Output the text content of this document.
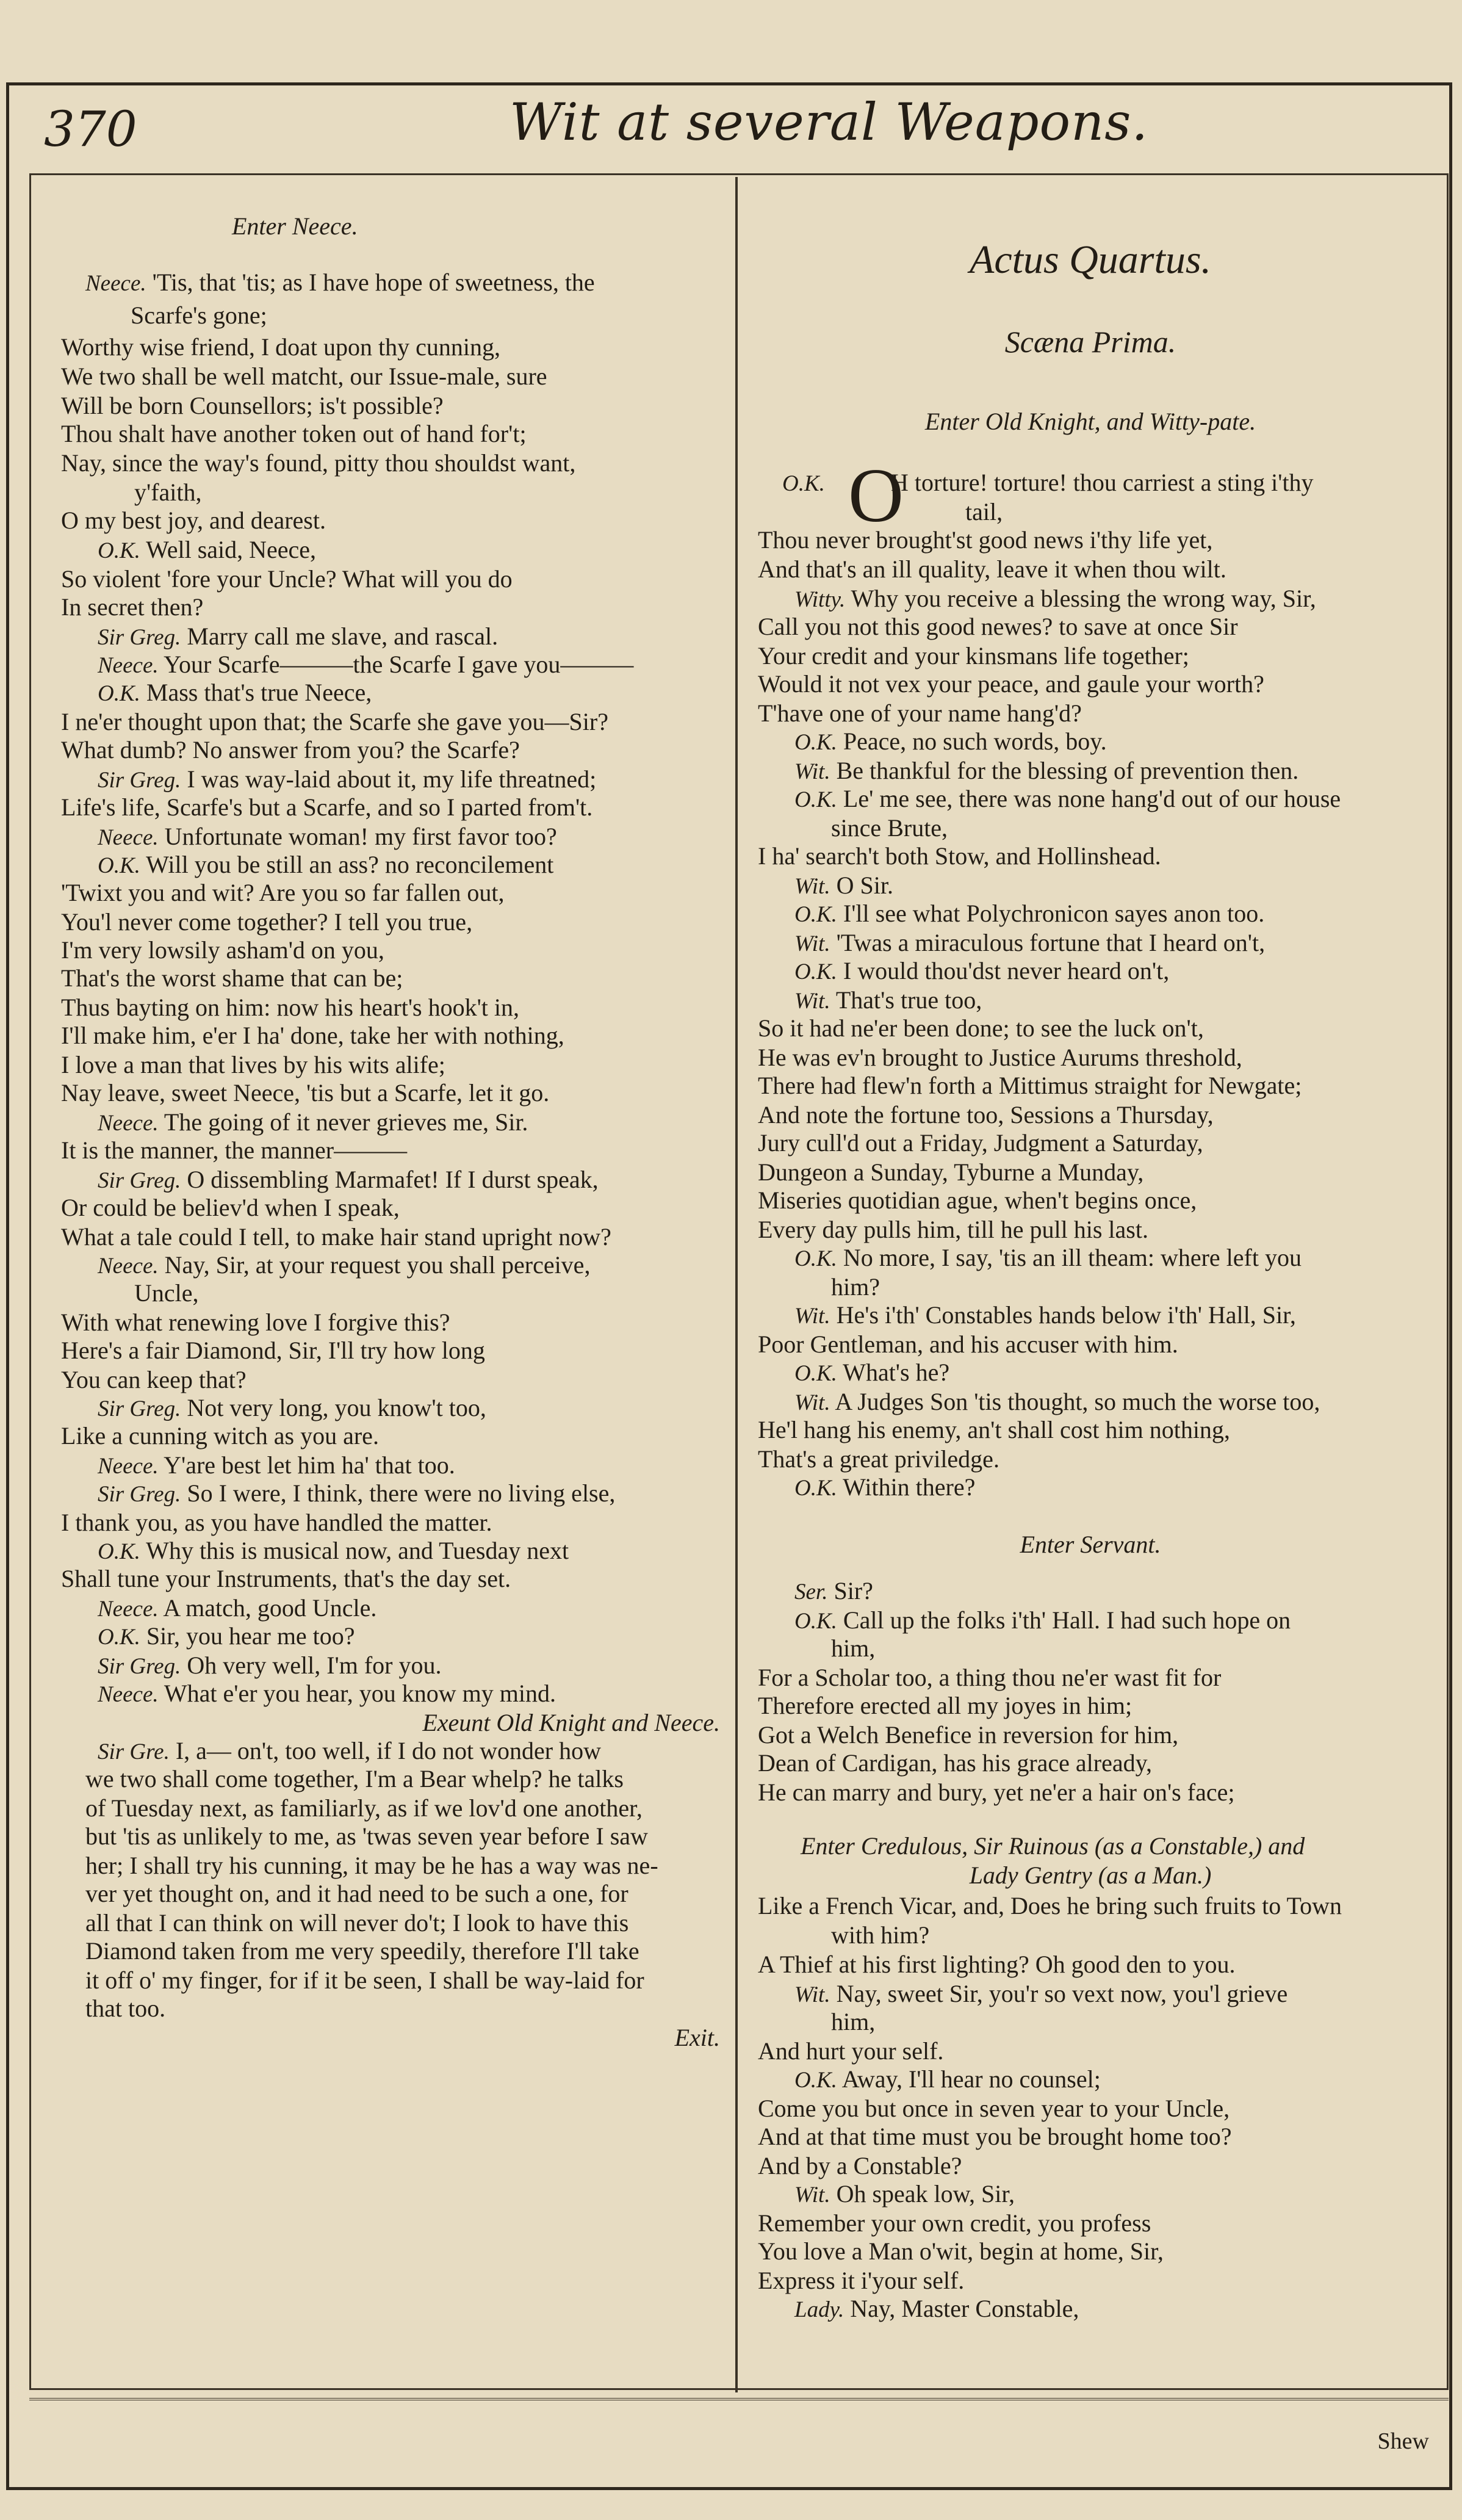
370	Wit at several Weapons.
Enter Neece.
Neece. 'Tis, that 'tis; as I have hope of sweetness, the
Scarfe's gone;
Worthy wise friend, I doat upon thy cunning,
We two shall be well matcht, our Issue-male, sure
Will be born Counsellors; is't possible?
Thou shalt have another token out of hand for't;
Nay, since the way's found, pitty thou shouldst want,
y'faith,
O my best joy, and dearest.
O.K. Well said, Neece,
So violent 'fore your Uncle? What will you do
In secret then?
Sir Greg. Marry call me slave, and rascal.
Neece. Your Scarfe———the Scarfe I gave you———
O.K. Mass that's true Neece,
I ne'er thought upon that; the Scarfe she gave you—Sir?
What dumb? No answer from you? the Scarfe?
Sir Greg. I was way-laid about it, my life threatned;
Life's life, Scarfe's but a Scarfe, and so I parted from't.
Neece. Unfortunate woman! my first favor too?
O.K. Will you be still an ass? no reconcilement
'Twixt you and wit? Are you so far fallen out,
You'l never come together? I tell you true,
I'm very lowsily asham'd on you,
That's the worst shame that can be;
Thus bayting on him: now his heart's hook't in,
I'll make him, e'er I ha' done, take her with nothing,
I love a man that lives by his wits alife;
Nay leave, sweet Neece, 'tis but a Scarfe, let it go.
Neece. The going of it never grieves me, Sir.
It is the manner, the manner———
Sir Greg. O dissembling Marmafet! If I durst speak,
Or could be believ'd when I speak,
What a tale could I tell, to make hair stand upright now?
Neece. Nay, Sir, at your request you shall perceive,
Uncle,
With what renewing love I forgive this?
Here's a fair Diamond, Sir, I'll try how long
You can keep that?
Sir Greg. Not very long, you know't too,
Like a cunning witch as you are.
Neece. Y'are best let him ha' that too.
Sir Greg. So I were, I think, there were no living else,
I thank you, as you have handled the matter.
O.K. Why this is musical now, and Tuesday next
Shall tune your Instruments, that's the day set.
Neece. A match, good Uncle.
O.K. Sir, you hear me too?
Sir Greg. Oh very well, I'm for you.
Neece. What e'er you hear, you know my mind.
Exeunt Old Knight and Neece.
Sir Gre. I, a— on't, too well, if I do not wonder how
we two shall come together, I'm a Bear whelp? he talks
of Tuesday next, as familiarly, as if we lov'd one another,
but 'tis as unlikely to me, as 'twas seven year before I saw
her; I shall try his cunning, it may be he has a way was ne-
ver yet thought on, and it had need to be such a one, for
all that I can think on will never do't; I look to have this
Diamond taken from me very speedily, therefore I'll take
it off o' my finger, for if it be seen, I shall be way-laid for
that too.
Exit.
Actus Quartus.
Scæna Prima.
Enter Old Knight, and Witty-pate.
O.K. O
H torture! torture! thou carriest a sting i'thy
tail,
Thou never brought'st good news i'thy life yet,
And that's an ill quality, leave it when thou wilt.
Witty. Why you receive a blessing the wrong way, Sir,
Call you not this good newes? to save at once Sir
Your credit and your kinsmans life together;
Would it not vex your peace, and gaule your worth?
T'have one of your name hang'd?
O.K. Peace, no such words, boy.
Wit. Be thankful for the blessing of prevention then.
O.K. Le' me see, there was none hang'd out of our house
since Brute,
I ha' search't both Stow, and Hollinshead.
Wit. O Sir.
O.K. I'll see what Polychronicon sayes anon too.
Wit. 'Twas a miraculous fortune that I heard on't,
O.K. I would thou'dst never heard on't,
Wit. That's true too,
So it had ne'er been done; to see the luck on't,
He was ev'n brought to Justice Aurums threshold,
There had flew'n forth a Mittimus straight for Newgate;
And note the fortune too, Sessions a Thursday,
Jury cull'd out a Friday, Judgment a Saturday,
Dungeon a Sunday, Tyburne a Munday,
Miseries quotidian ague, when't begins once,
Every day pulls him, till he pull his last.
O.K. No more, I say, 'tis an ill theam: where left you
him?
Wit. He's i'th' Constables hands below i'th' Hall, Sir,
Poor Gentleman, and his accuser with him.
O.K. What's he?
Wit. A Judges Son 'tis thought, so much the worse too,
He'l hang his enemy, an't shall cost him nothing,
That's a great priviledge.
O.K. Within there?
Enter Servant.
Ser. Sir?
O.K. Call up the folks i'th' Hall. I had such hope on
him,
For a Scholar too, a thing thou ne'er wast fit for
Therefore erected all my joyes in him;
Got a Welch Benefice in reversion for him,
Dean of Cardigan, has his grace already,
He can marry and bury, yet ne'er a hair on's face;
Enter Credulous, Sir Ruinous (as a Constable,) and
Lady Gentry (as a Man.)
Like a French Vicar, and, Does he bring such fruits to Town
with him?
A Thief at his first lighting? Oh good den to you.
Wit. Nay, sweet Sir, you'r so vext now, you'l grieve
him,
And hurt your self.
O.K. Away, I'll hear no counsel;
Come you but once in seven year to your Uncle,
And at that time must you be brought home too?
And by a Constable?
Wit. Oh speak low, Sir,
Remember your own credit, you profess
You love a Man o'wit, begin at home, Sir,
Express it i'your self.
Lady. Nay, Master Constable,
Shew
